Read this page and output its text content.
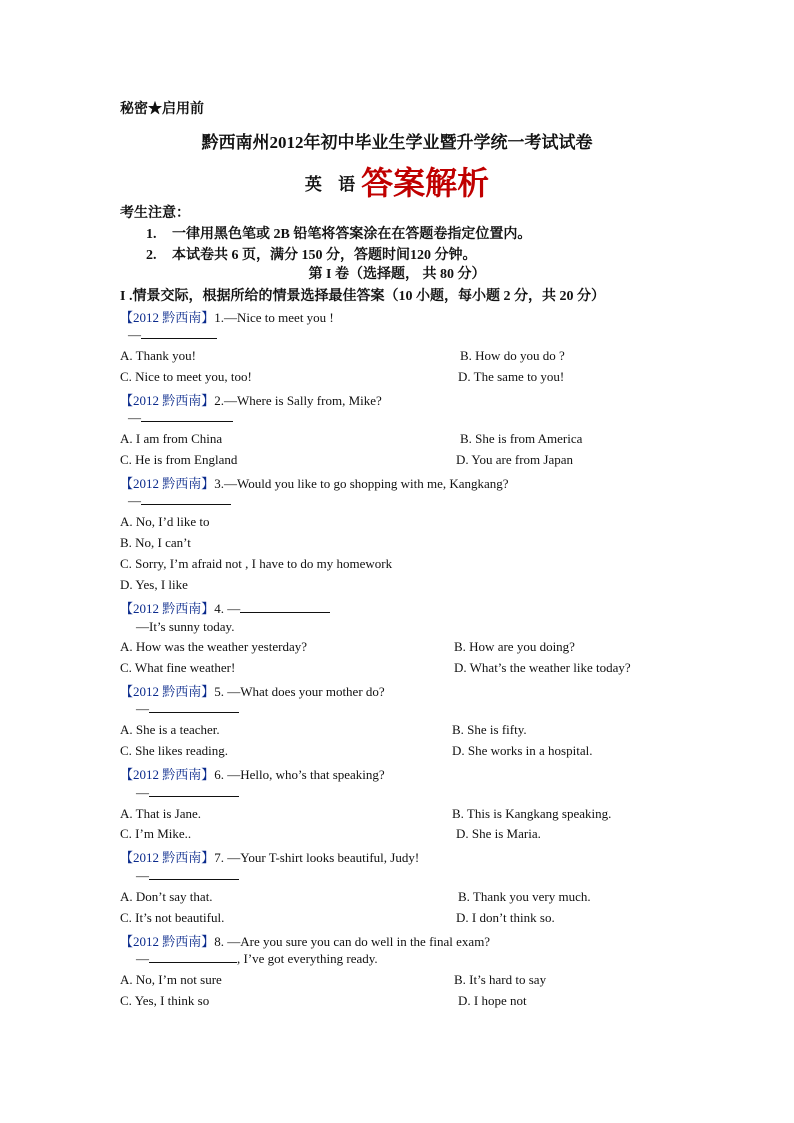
秘密★启用前
黔西南州2012年初中毕业生学业暨升学统一考试试卷
英 语答案解析
考生注意：
1. 一律用黑色笔或 2B 铅笔将答案涂在在答题卷指定位置内。
2. 本试卷共 6 页，满分 150 分，答题时间120 分钟。
第 I 卷（选择题， 共 80 分）
I .情景交际，根据所给的情景选择最佳答案（10 小题，每小题 2 分，共 20 分）
【2012 黔西南】1.—Nice to meet you !
—
A. Thank you!	B. How do you do ?
C. Nice to meet you, too!	D. The same to you!
【2012 黔西南】2.—Where is Sally from, Mike?
—
A. I am from China	B. She is from America
C. He is from England	D. You are from Japan
【2012 黔西南】3.—Would you like to go shopping with me, Kangkang?
—
A. No, I’d like to
B. No, I can’t
C. Sorry, I’m afraid not , I have to do my homework
D. Yes, I like
【2012 黔西南】4. —
—It’s sunny today.
A. How was the weather yesterday?	B. How are you doing?
C. What fine weather!	D. What’s the weather like today?
【2012 黔西南】5. —What does your mother do?
—
A. She is a teacher.	B. She is fifty.
C. She likes reading.	D. She works in a hospital.
【2012 黔西南】6. —Hello, who’s that speaking?
—
A. That is Jane.	B. This is Kangkang speaking.
C. I’m Mike..	D. She is Maria.
【2012 黔西南】7. —Your T-shirt looks beautiful, Judy!
—
A. Don’t say that.	B. Thank you very much.
C. It’s not beautiful.	D. I don’t think so.
【2012 黔西南】8. —Are you sure you can do well in the final exam?
—	, I’ve got everything ready.
A. No, I’m not sure	B. It’s hard to say
C. Yes, I think so	D. I hope not
